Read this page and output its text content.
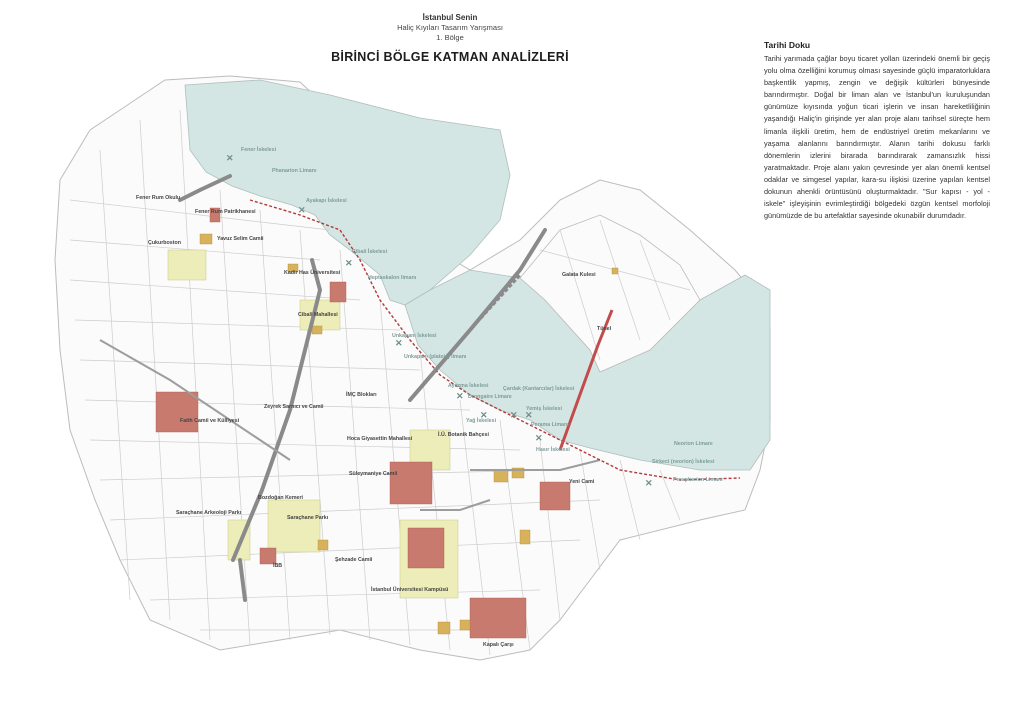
İstanbul Senin
Haliç Kıyıları Tasarım Yarışması
1. Bölge
BİRİNCİ BÖLGE KATMAN ANALİZLERİ
✕
✕
✕
✕
✕
✕ ✕ ✕
✕
✕
Fener Rum Okulu
Fener Rum Patrikhanesi
Çukurboston
Yavuz Selim Camii
Kadir Has Üniversitesi
Cibali Mahallesi
Galata Kulesi
Tünel
Fatih Camii ve Külliyesi
Zeyrek Sarnıcı ve Camii
İMÇ Blokları
Hoca Giyasettin Mahallesi
İ.Ü. Botanik Bahçesi
Süleymaniye Camii
Bozdoğan Kemeri
Saraçhane Arkeoloji Parkı
Saraçhane Parkı
İBB
Şehzade Camii
İstanbul Üniversitesi Kampüsü
Kapalı Çarşı
Yeni Cami
Fener İskelesi
Phanarion Limanı
Ayakapı İskelesi
Cibali İskelesi
Heptaskalon limanı
Unkapanı İskelesi
Unkapanı (plateia) limanı
Ayazma İskelesi
Drongaire Limanı
Çardak (Kantarcılar) İskelesi
Yemiş İskelesi
Yağ İskelesi
Perama Limanı
Hasır İskelesi
Neorion Limanı
Sirkeci (neorion) İskelesi
Prospherion Limanı
Tarihi Doku
Tarihi yarımada çağlar boyu ticaret yolları üzerindeki önemli bir geçiş yolu olma özelliğini korumuş olması sayesinde güçlü imparatorluklara başkentlik yapmış, zengin ve değişik kültürleri bünyesinde barındırmıştır. Doğal bir liman alan ve İstanbul'un kuruluşundan günümüze kıyısında yoğun ticari işlerin ve insan hareketliliğinin yaşandığı Haliç'in girişinde yer alan proje alanı tarihsel süreçte hem limanla ilişkili üretim, hem de endüstriyel üretim mekanlarını ve yaşama alanlarını barındırmıştır. Alanın tarihi dokusu farklı dönemlerin izlerini birarada barındırarak zamansızlık hissi yaratmaktadır. Proje alanı yakın çevresinde yer alan önemli kentsel odaklar ve simgesel yapılar, kara-su ilişkisi üzerine yapılan kentsel dokunun ahenkli örüntüsünü oluşturmaktadır. "Sur kapısı - yol - iskele" işleyişinin evrimleştirdiği bölgedeki özgün kentsel morfoloji günümüzde de bu artefaktlar sayesinde okunabilir durumdadır.
